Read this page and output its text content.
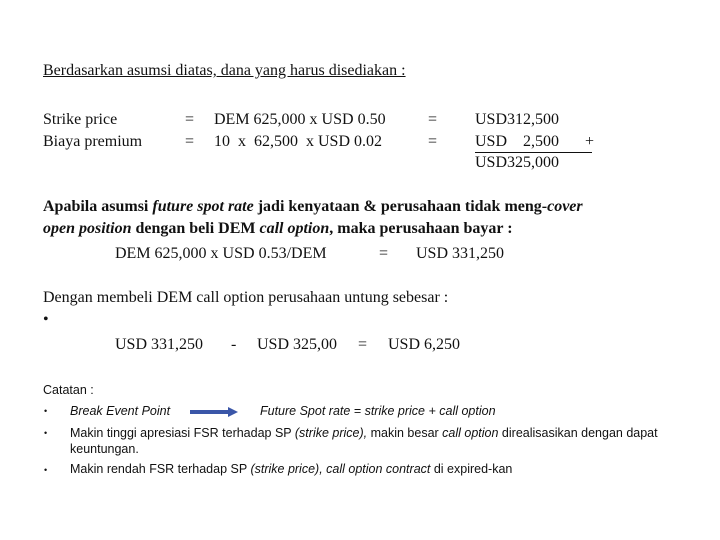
Berdasarkan asumsi diatas, dana yang harus disediakan :
Strike price	= DEM 625,000 x USD 0.50	= USD312,500
Biaya premium	= 10  x  62,500  x USD 0.02	= USD    2,500 +
USD325,000
Apabila asumsi future spot rate jadi kenyataan & perusahaan tidak meng-cover
open position dengan beli DEM call option, maka perusahaan bayar :
DEM 625,000 x USD 0.53/DEM	= USD 331,250
Dengan membeli DEM call option perusahaan untung sebesar :
•
USD 331,250 - USD 325,00 = USD 6,250
Catatan :
• Break Event Point	Future Spot rate = strike price + call option
• Makin tinggi apresiasi FSR terhadap SP (strike price), makin besar call option direalisasikan dengan dapat
keuntungan.
• Makin rendah FSR terhadap SP (strike price), call option contract di expired-kan
